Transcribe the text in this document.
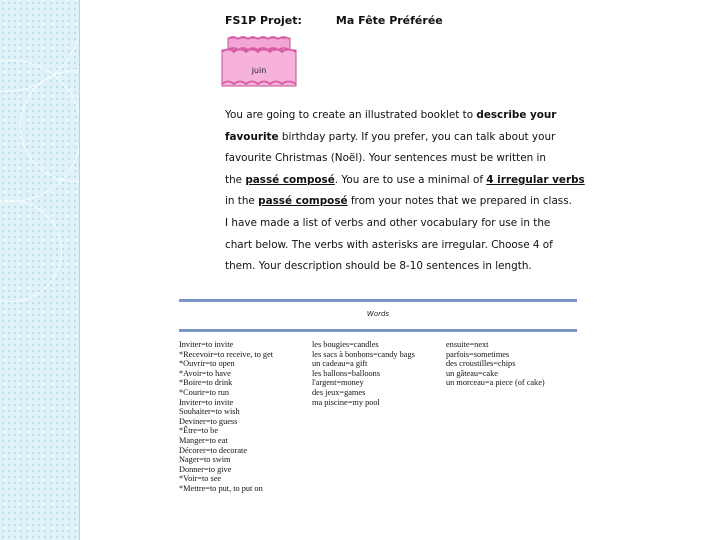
FS1P Projet:	Ma Fête Préférée
juin

You are going to create an illustrated booklet to describe your

favourite birthday party. If you prefer, you can talk about your

favourite Christmas (Noël). Your sentences must be written in

the passé composé. You are to use a minimal of 4 irregular verbs

in the passé composé from your notes that we prepared in class.

I have made a list of verbs and other vocabulary for use in the

chart below. The verbs with asterisks are irregular. Choose 4 of

them. Your description should be 8-10 sentences in length.

Words
Inviter=to invite
*Recevoir=to receive, to get
*Ouvrir=to open
*Avoir=to have
*Boire=to drink
*Courir=to run
Inviter=to invite
Souhaiter=to wish
Deviner=to guess
*Être=to be
Manger=to eat
Décorer=to decorate
Nager=to swim
Donner=to give
*Voir=to see
*Mettre=to put, to put on
les bougies=candles
les sacs à bonbons=candy bags
un cadeau=a gift
les ballons=balloons
l'argent=money
des jeux=games
ma piscine=my pool
ensuite=next
parfois=sometimes
des croustilles=chips
un gâteau=cake
un morceau=a piece (of cake)
